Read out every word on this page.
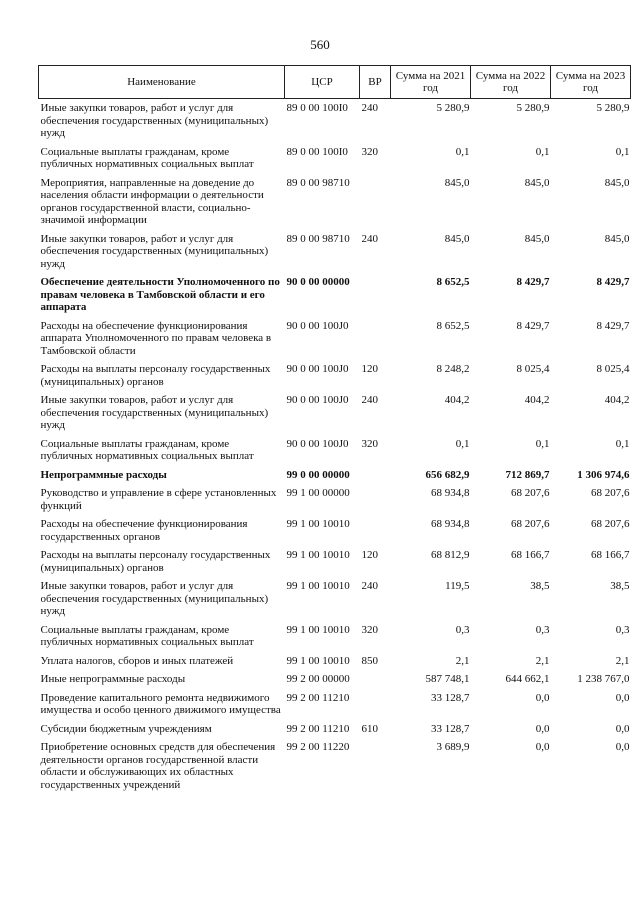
560
Наименование	ЦСР	ВР	Сумма на 2021 год	Сумма на 2022 год	Сумма на 2023 год
Иные закупки товаров, работ и услуг для обеспечения государственных (муниципальных) нужд	89 0 00 100I0	240	5 280,9	5 280,9	5 280,9
Социальные выплаты гражданам, кроме публичных нормативных социальных выплат	89 0 00 100I0	320	0,1	0,1	0,1
Мероприятия, направленные на доведение до населения области информации о деятельности органов государственной власти, социально-значимой информации	89 0 00 98710		845,0	845,0	845,0
Иные закупки товаров, работ и услуг для обеспечения государственных (муниципальных) нужд	89 0 00 98710	240	845,0	845,0	845,0
Обеспечение деятельности Уполномоченного по правам человека в Тамбовской области и его аппарата	90 0 00 00000		8 652,5	8 429,7	8 429,7
Расходы на обеспечение функционирования аппарата Уполномоченного по правам человека в Тамбовской области	90 0 00 100J0		8 652,5	8 429,7	8 429,7
Расходы на выплаты персоналу государственных (муниципальных) органов	90 0 00 100J0	120	8 248,2	8 025,4	8 025,4
Иные закупки товаров, работ и услуг для обеспечения государственных (муниципальных) нужд	90 0 00 100J0	240	404,2	404,2	404,2
Социальные выплаты гражданам, кроме публичных нормативных социальных выплат	90 0 00 100J0	320	0,1	0,1	0,1
Непрограммные расходы	99 0 00 00000		656 682,9	712 869,7	1 306 974,6
Руководство и управление в сфере установленных функций	99 1 00 00000		68 934,8	68 207,6	68 207,6
Расходы на обеспечение функционирования государственных органов	99 1 00 10010		68 934,8	68 207,6	68 207,6
Расходы на выплаты персоналу государственных (муниципальных) органов	99 1 00 10010	120	68 812,9	68 166,7	68 166,7
Иные закупки товаров, работ и услуг для обеспечения государственных (муниципальных) нужд	99 1 00 10010	240	119,5	38,5	38,5
Социальные выплаты гражданам, кроме публичных нормативных социальных выплат	99 1 00 10010	320	0,3	0,3	0,3
Уплата налогов, сборов и иных платежей	99 1 00 10010	850	2,1	2,1	2,1
Иные непрограммные расходы	99 2 00 00000		587 748,1	644 662,1	1 238 767,0
Проведение капитального ремонта недвижимого имущества и особо ценного движимого имущества	99 2 00 11210		33 128,7	0,0	0,0
Субсидии бюджетным учреждениям	99 2 00 11210	610	33 128,7	0,0	0,0
Приобретение основных средств для обеспечения деятельности органов государственной власти области и обслуживающих их областных государственных учреждений	99 2 00 11220		3 689,9	0,0	0,0
